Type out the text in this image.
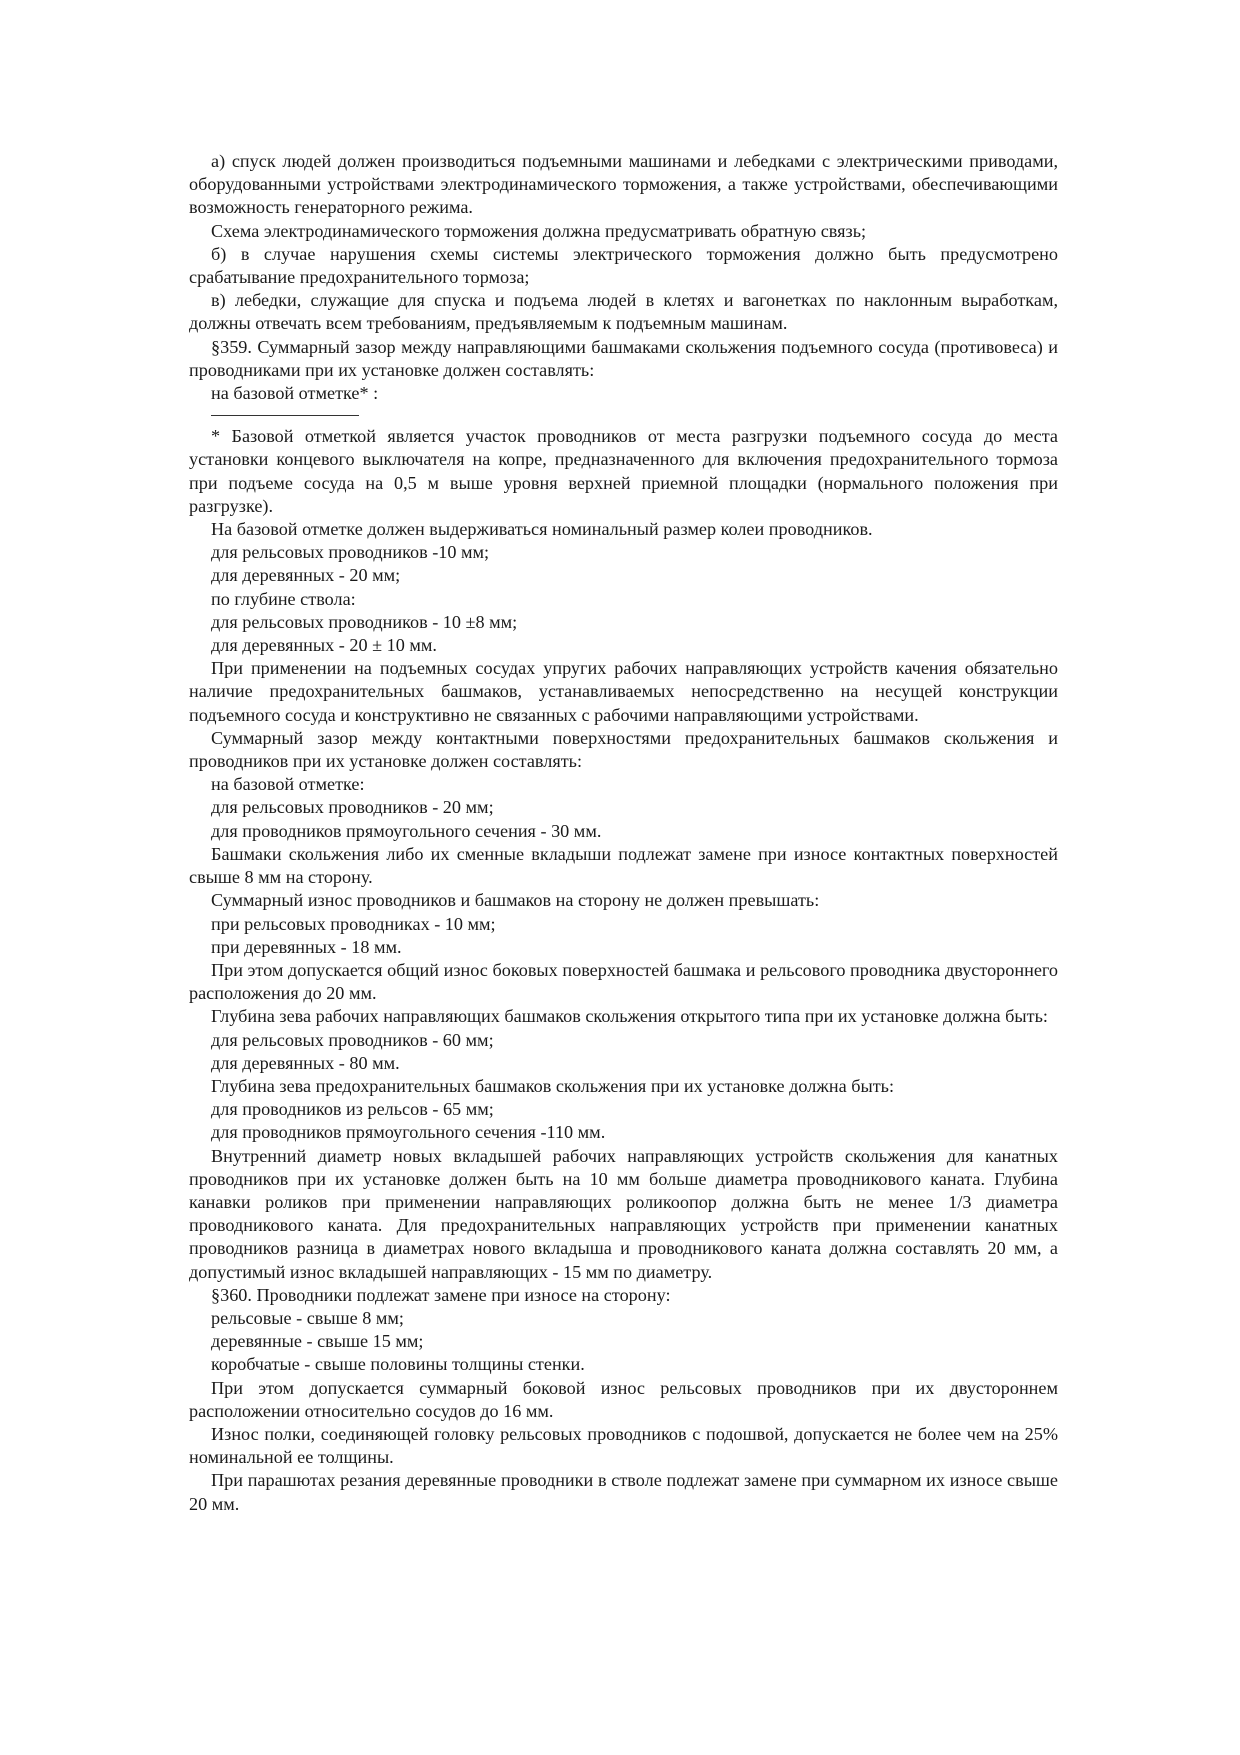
а) спуск людей должен производиться подъемными машинами и лебедками с электрическими приводами, оборудованными устройствами электродинамического торможения, а также устройствами, обеспечивающими возможность генераторного режима.

Схема электродинамического торможения должна предусматривать обратную связь;

б) в случае нарушения схемы системы электрического торможения должно быть предусмотрено срабатывание предохранительного тормоза;

в) лебедки, служащие для спуска и подъема людей в клетях и вагонетках по наклонным выработкам, должны отвечать всем требованиям, предъявляемым к подъемным машинам.

§359. Суммарный зазор между направляющими башмаками скольжения подъемного сосуда (противовеса) и проводниками при их установке должен составлять:

на базовой отметке* :

* Базовой отметкой является участок проводников от места разгрузки подъемного сосуда до места установки концевого выключателя на копре, предназначенного для включения предохранительного тормоза при подъеме сосуда на 0,5 м выше уровня верхней приемной площадки (нормального положения при разгрузке).

На базовой отметке должен выдерживаться номинальный размер колеи проводников.

для рельсовых проводников -10 мм;

для деревянных - 20 мм;

по глубине ствола:

для рельсовых проводников - 10 ±8 мм;

для деревянных - 20 ± 10 мм.

При применении на подъемных сосудах упругих рабочих направляющих устройств качения обязательно наличие предохранительных башмаков, устанавливаемых непосредственно на несущей конструкции подъемного сосуда и конструктивно не связанных с рабочими направляющими устройствами.

Суммарный зазор между контактными поверхностями предохранительных башмаков скольжения и проводников при их установке должен составлять:

на базовой отметке:

для рельсовых проводников - 20 мм;

для проводников прямоугольного сечения - 30 мм.

Башмаки скольжения либо их сменные вкладыши подлежат замене при износе контактных поверхностей свыше 8 мм на сторону.

Суммарный износ проводников и башмаков на сторону не должен превышать:

при рельсовых проводниках - 10 мм;

при деревянных - 18 мм.

При этом допускается общий износ боковых поверхностей башмака и рельсового проводника двустороннего расположения до 20 мм.

Глубина зева рабочих направляющих башмаков скольжения открытого типа при их установке должна быть:

для рельсовых проводников - 60 мм;

для деревянных - 80 мм.

Глубина зева предохранительных башмаков скольжения при их установке должна быть:

для проводников из рельсов - 65 мм;

для проводников прямоугольного сечения -110 мм.

Внутренний диаметр новых вкладышей рабочих направляющих устройств скольжения для канатных проводников при их установке должен быть на 10 мм больше диаметра проводникового каната. Глубина канавки роликов при применении направляющих роликоопор должна быть не менее 1/3 диаметра проводникового каната. Для предохранительных направляющих устройств при применении канатных проводников разница в диаметрах нового вкладыша и проводникового каната должна составлять 20 мм, а допустимый износ вкладышей направляющих - 15 мм по диаметру.

§360. Проводники подлежат замене при износе на сторону:

рельсовые - свыше 8 мм;

деревянные - свыше 15 мм;

коробчатые - свыше половины толщины стенки.

При этом допускается суммарный боковой износ рельсовых проводников при их двустороннем расположении относительно сосудов до 16 мм.

Износ полки, соединяющей головку рельсовых проводников с подошвой, допускается не более чем на 25% номинальной ее толщины.

При парашютах резания деревянные проводники в стволе подлежат замене при суммарном их износе свыше 20 мм.
